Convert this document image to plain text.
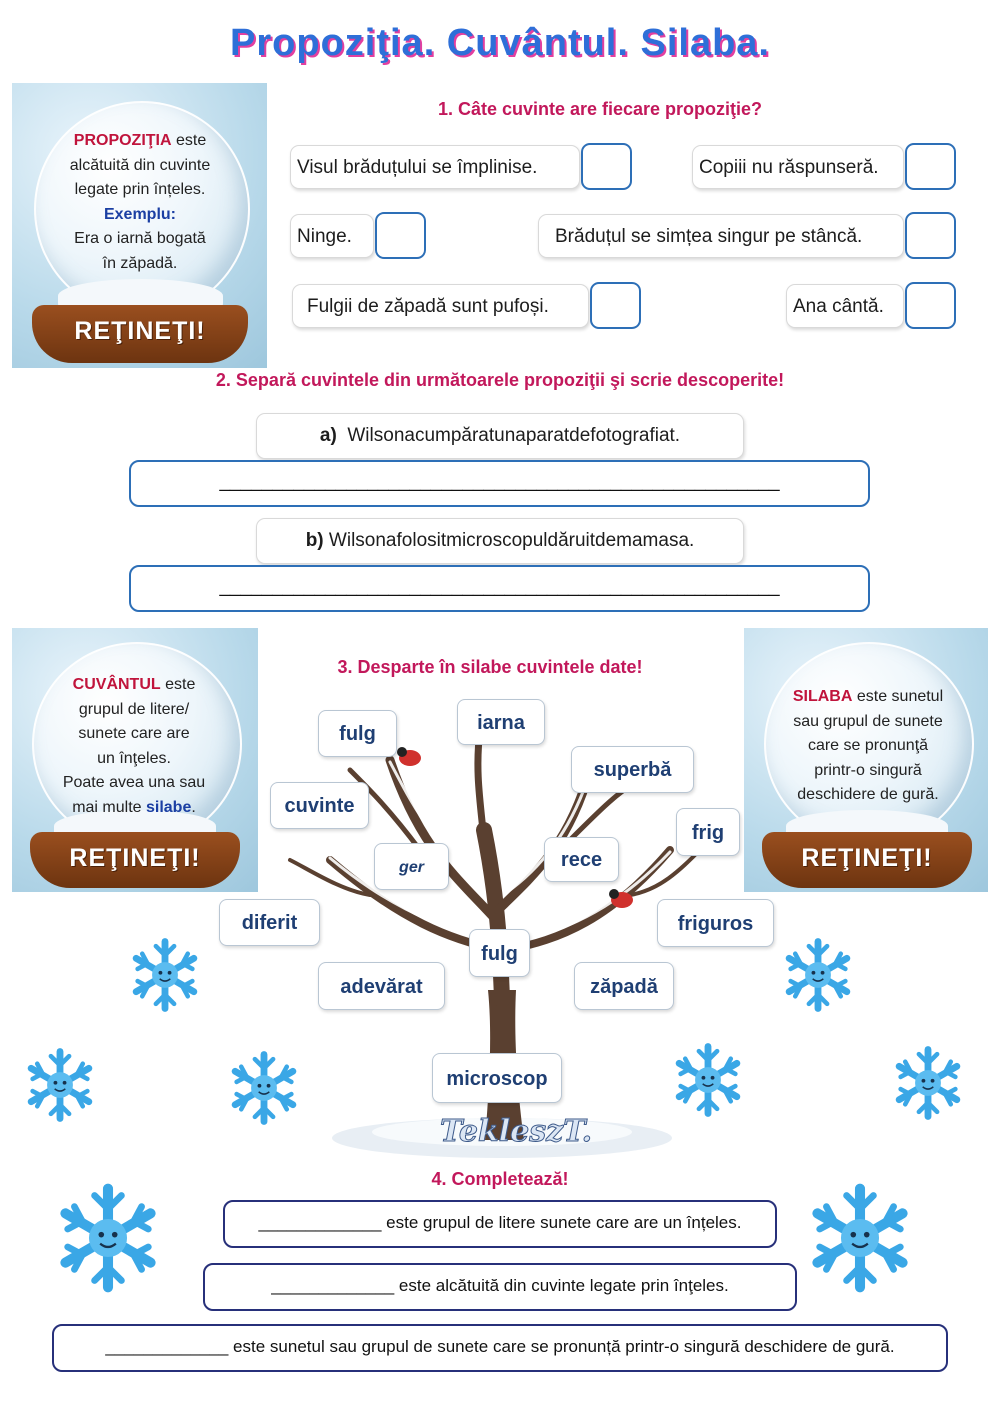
Propoziţia. Cuvântul. Silaba.
REŢINEŢI!
PROPOZIŢIA este
alcătuită din cuvinte
legate prin înțeles.
Exemplu:
Era o iarnă bogată
în zăpadă.
1. Câte cuvinte are fiecare propoziţie?
Visul brăduțului se împlinise.	Copiii nu răspunseră.
Ninge.	Brăduțul se simțea singur pe stâncă.
Fulgii de zăpadă sunt pufoși.	Ana cântă.
2. Separă cuvintele din următoarele propoziţii şi scrie descoperite!
a) Wilsonacumpăratunaparatdefotografiat.
_____________________________________________________
b) Wilsonafolositmicroscopuldăruitdemamasa.
_____________________________________________________
REŢINEŢI!
CUVÂNTUL este
grupul de litere/
sunete care are
un înţeles.
Poate avea una sau
mai multe silabe.
REŢINEŢI!
SILABA este sunetul
sau grupul de sunete
care se pronunţă
printr-o singură
deschidere de gură.
3. Desparte în silabe cuvintele date!
fulg	iarna
superbă
cuvinte
frig
ger	rece
diferit	friguros
fulg
adevărat	zăpadă
microscop
TekleszT.
4. Completează!
_____________ este grupul de litere sunete care are un înțeles.
_____________ este alcătuită din cuvinte legate prin înţeles.
_____________ este sunetul sau grupul de sunete care se pronunță printr-o singură deschidere de gură.
